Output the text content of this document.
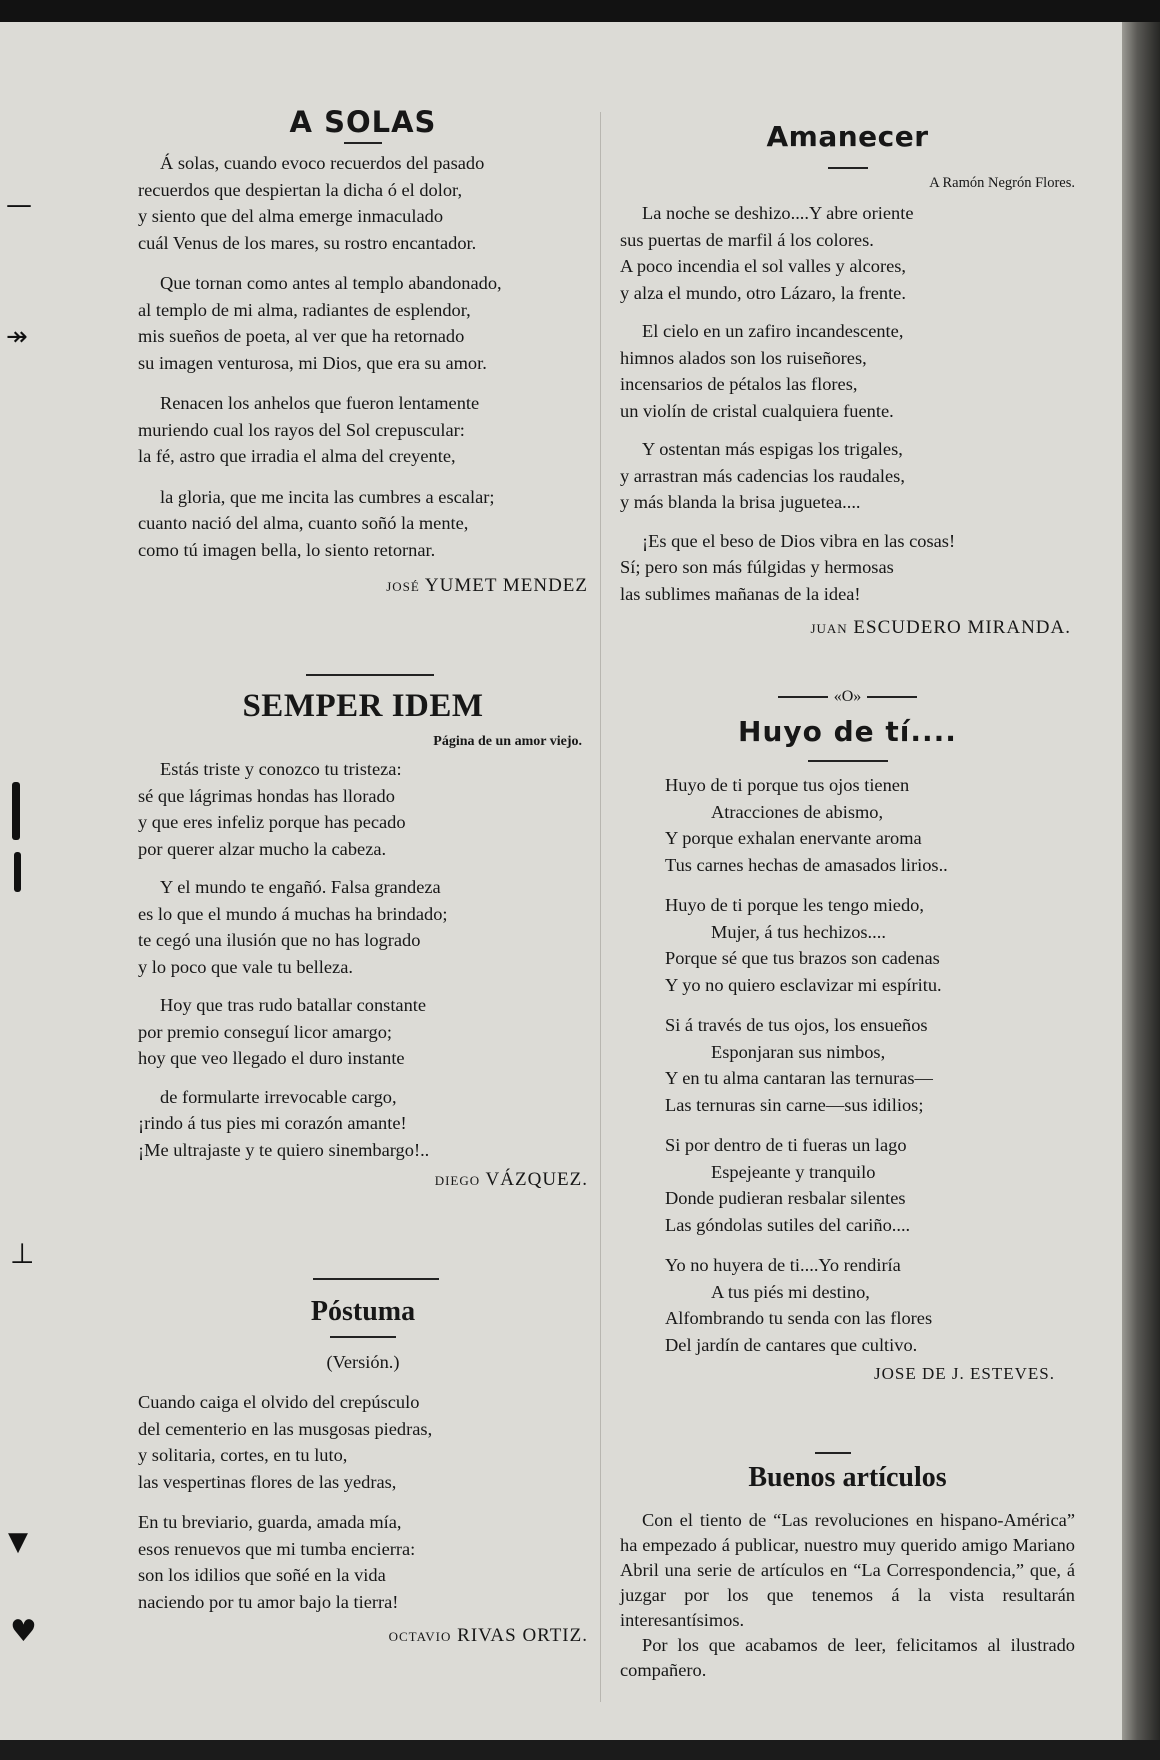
—
↠
⊥
▼
♥
A SOLAS
Á solas, cuando evoco recuerdos del pasado
recuerdos que despiertan la dicha ó el dolor,
y siento que del alma emerge inmaculado
cuál Venus de los mares, su rostro encantador.
Que tornan como antes al templo abandonado,
al templo de mi alma, radiantes de esplendor,
mis sueños de poeta, al ver que ha retornado
su imagen venturosa, mi Dios, que era su amor.
Renacen los anhelos que fueron lentamente
muriendo cual los rayos del Sol crepuscular:
la fé, astro que irradia el alma del creyente,
la gloria, que me incita las cumbres a escalar;
cuanto nació del alma, cuanto soñó la mente,
como tú imagen bella, lo siento retornar.
JOSÉ YUMET MENDEZ
SEMPER IDEM
Página de un amor viejo.
Estás triste y conozco tu tristeza:
sé que lágrimas hondas has llorado
y que eres infeliz porque has pecado
por querer alzar mucho la cabeza.
Y el mundo te engañó. Falsa grandeza
es lo que el mundo á muchas ha brindado;
te cegó una ilusión que no has logrado
y lo poco que vale tu belleza.
Hoy que tras rudo batallar constante
por premio conseguí licor amargo;
hoy que veo llegado el duro instante
de formularte irrevocable cargo,
¡rindo á tus pies mi corazón amante!
¡Me ultrajaste y te quiero sinembargo!..
DIEGO VÁZQUEZ.
Póstuma
(Versión.)
Cuando caiga el olvido del crepúsculo
del cementerio en las musgosas piedras,
y solitaria, cortes, en tu luto,
las vespertinas flores de las yedras,
En tu breviario, guarda, amada mía,
esos renuevos que mi tumba encierra:
son los idilios que soñé en la vida
naciendo por tu amor bajo la tierra!
OCTAVIO RIVAS ORTIZ.
Amanecer
A Ramón Negrón Flores.
La noche se deshizo....Y abre oriente
sus puertas de marfil á los colores.
A poco incendia el sol valles y alcores,
y alza el mundo, otro Lázaro, la frente.
El cielo en un zafiro incandescente,
himnos alados son los ruiseñores,
incensarios de pétalos las flores,
un violín de cristal cualquiera fuente.
Y ostentan más espigas los trigales,
y arrastran más cadencias los raudales,
y más blanda la brisa juguetea....
¡Es que el beso de Dios vibra en las cosas!
Sí; pero son más fúlgidas y hermosas
las sublimes mañanas de la idea!
JUAN ESCUDERO MIRANDA.
«O»
Huyo de tí....
Huyo de ti porque tus ojos tienen
Atracciones de abismo,
Y porque exhalan enervante aroma
Tus carnes hechas de amasados lirios..
Huyo de ti porque les tengo miedo,
Mujer, á tus hechizos....
Porque sé que tus brazos son cadenas
Y yo no quiero esclavizar mi espíritu.
Si á través de tus ojos, los ensueños
Esponjaran sus nimbos,
Y en tu alma cantaran las ternuras—
Las ternuras sin carne—sus idilios;
Si por dentro de ti fueras un lago
Espejeante y tranquilo
Donde pudieran resbalar silentes
Las góndolas sutiles del cariño....
Yo no huyera de ti....Yo rendiría
A tus piés mi destino,
Alfombrando tu senda con las flores
Del jardín de cantares que cultivo.
JOSE DE J. ESTEVES.
Buenos artículos

Con el tiento de “Las revoluciones en hispano-América” ha empezado á publicar, nuestro muy querido amigo Mariano Abril una serie de artículos en “La Correspondencia,” que, á juzgar por los que tenemos á la vista resultarán interesantísimos.

Por los que acabamos de leer, felicitamos al ilustrado compañero.
